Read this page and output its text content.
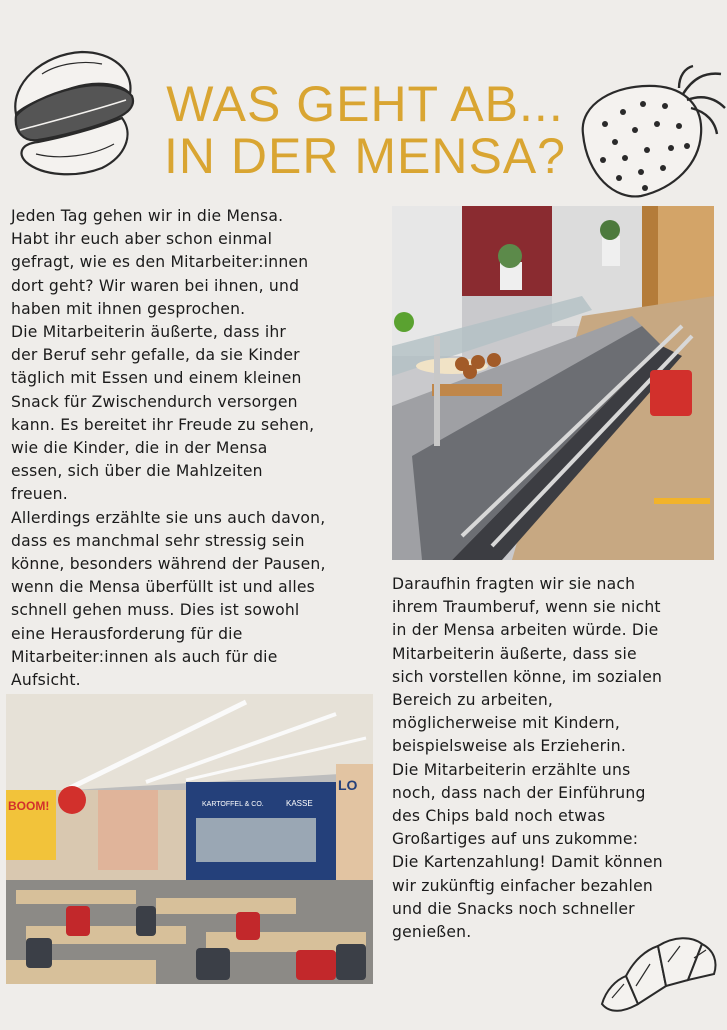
WAS GEHT AB...
IN DER MENSA?

Jeden Tag gehen wir in die Mensa.
Habt ihr euch aber schon einmal
gefragt, wie es den Mitarbeiter:innen
dort geht? Wir waren bei ihnen, und
haben mit ihnen gesprochen.
Die Mitarbeiterin äußerte, dass ihr
der Beruf sehr gefalle, da sie Kinder
täglich mit Essen und einem kleinen
Snack für Zwischendurch versorgen
kann. Es bereitet ihr Freude zu sehen,
wie die Kinder, die in der Mensa
essen, sich über die Mahlzeiten
freuen.
Allerdings erzählte sie uns auch davon,
dass es manchmal sehr stressig sein
könne, besonders während der Pausen,
wenn die Mensa überfüllt ist und alles
schnell gehen muss. Dies ist sowohl
eine Herausforderung für die
Mitarbeiter:innen als auch für die
Aufsicht.

Daraufhin fragten wir sie nach
ihrem Traumberuf, wenn sie nicht
in der Mensa arbeiten würde. Die
Mitarbeiterin äußerte, dass sie
sich vorstellen könne, im sozialen
Bereich zu arbeiten,
möglicherweise mit Kindern,
beispielsweise als Erzieherin.
Die Mitarbeiterin erzählte uns
noch, dass nach der Einführung
des Chips bald noch etwas
Großartiges auf uns zukomme:
Die Kartenzahlung! Damit können
wir zukünftig einfacher bezahlen
und die Snacks noch schneller
genießen.

BOOM!	KARTOFFEL & CO.	KASSE
LO
